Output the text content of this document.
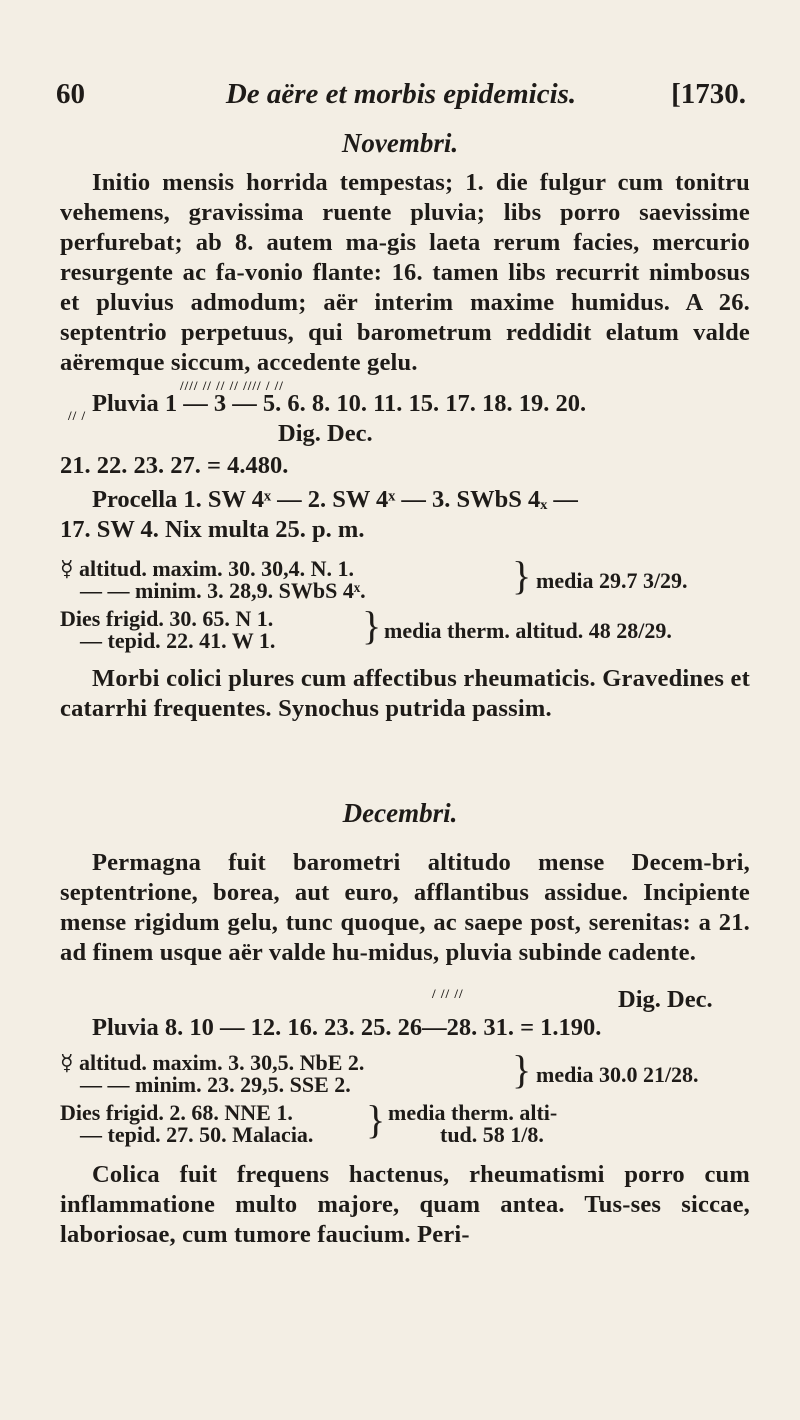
60	De aëre et morbis epidemicis.	[1730.
Novembri.

Initio mensis horrida tempestas; 1. die fulgur cum tonitru vehemens, gravissima ruente pluvia; libs porro saevissime perfurebat; ab 8. autem ma-gis laeta rerum facies, mercurio resurgente ac fa-vonio flante: 16. tamen libs recurrit nimbosus et pluvius admodum; aër interim maxime humidus. A 26. septentrio perpetuus, qui barometrum reddidit elatum valde aëremque siccum, accedente gelu.

//// // // // //// / //
Pluvia 1 — 3 — 5. 6. 8. 10. 11. 15. 17. 18. 19. 20.
// /
Dig. Dec.
21. 22. 23. 27. = 4.480.
Procella 1. SW 4ˣ — 2. SW 4ˣ — 3. SWbS 4ₓ —
17. SW 4. Nix multa 25. p. m.
☿ altitud. maxim. 30. 30,4. N. 1.
— — minim. 3. 28,9. SWbS 4ˣ.	} media 29.7 3/29.
Dies frigid. 30. 65. N 1.
— tepid. 22. 41. W 1.	} media therm. altitud. 48 28/29.

Morbi colici plures cum affectibus rheumaticis. Gravedines et catarrhi frequentes. Synochus putrida passim.

Decembri.

Permagna fuit barometri altitudo mense Decem-bri, septentrione, borea, aut euro, afflantibus assidue. Incipiente mense rigidum gelu, tunc quoque, ac saepe post, serenitas: a 21. ad finem usque aër valde hu-midus, pluvia subinde cadente.

/ // //	Dig. Dec.
Pluvia 8. 10 — 12. 16. 23. 25. 26—28. 31. = 1.190.
☿ altitud. maxim. 3. 30,5. NbE 2.
— — minim. 23. 29,5. SSE 2.	} media 30.0 21/28.
Dies frigid. 2. 68. NNE 1.
— tepid. 27. 50. Malacia.	} media therm. alti-
tud. 58 1/8.

Colica fuit frequens hactenus, rheumatismi porro cum inflammatione multo majore, quam antea. Tus-ses siccae, laboriosae, cum tumore faucium. Peri-
